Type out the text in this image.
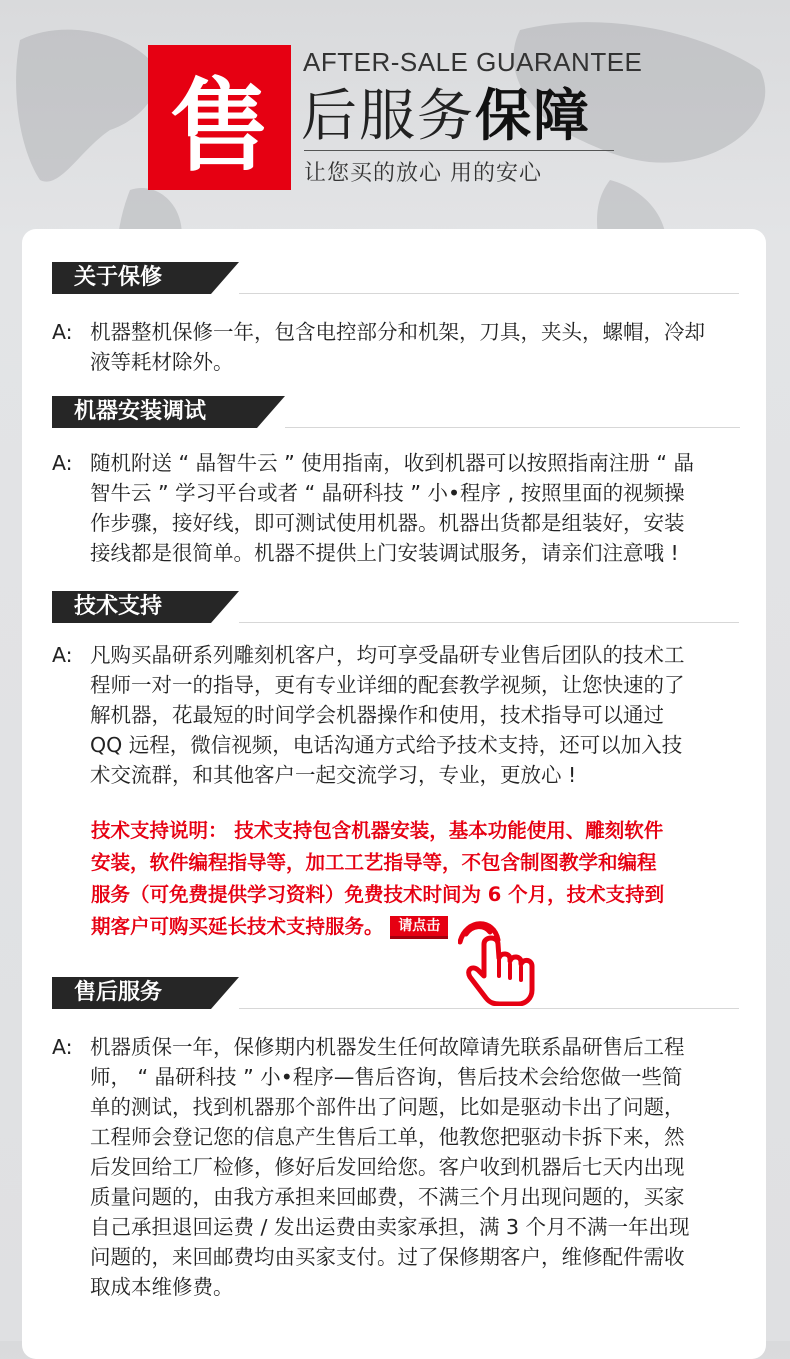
售
AFTER-SALE GUARANTEE
后服务保障
让您买的放心 用的安心
关于保修
A: 机器整机保修一年，包含电控部分和机架，刀具，夹头，螺帽，冷却
液等耗材除外。
机器安装调试
A: 随机附送 “ 晶智牛云 ” 使用指南，收到机器可以按照指南注册 “ 晶
智牛云 ” 学习平台或者 “ 晶研科技 ” 小•程序 , 按照里面的视频操
作步骤，接好线，即可测试使用机器。机器出货都是组装好，安装
接线都是很简单。机器不提供上门安装调试服务，请亲们注意哦 !
技术支持
A: 凡购买晶研系列雕刻机客户，均可享受晶研专业售后团队的技术工
程师一对一的指导，更有专业详细的配套教学视频，让您快速的了
解机器，花最短的时间学会机器操作和使用，技术指导可以通过
QQ 远程，微信视频，电话沟通方式给予技术支持，还可以加入技
术交流群，和其他客户一起交流学习，专业，更放心 !
技术支持说明： 技术支持包含机器安装，基本功能使用、雕刻软件
安装，软件编程指导等，加工工艺指导等，不包含制图教学和编程
服务（可免费提供学习资料）免费技术时间为 6 个月，技术支持到
期客户可购买延长技术支持服务。 请点击
售后服务
A: 机器质保一年，保修期内机器发生任何故障请先联系晶研售后工程
师， “ 晶研科技 ” 小•程序—售后咨询，售后技术会给您做一些简
单的测试，找到机器那个部件出了问题，比如是驱动卡出了问题，
工程师会登记您的信息产生售后工单，他教您把驱动卡拆下来，然
后发回给工厂检修，修好后发回给您。客户收到机器后七天内出现
质量问题的，由我方承担来回邮费，不满三个月出现问题的，买家
自己承担退回运费 / 发出运费由卖家承担，满 3 个月不满一年出现
问题的，来回邮费均由买家支付。过了保修期客户，维修配件需收
取成本维修费。
